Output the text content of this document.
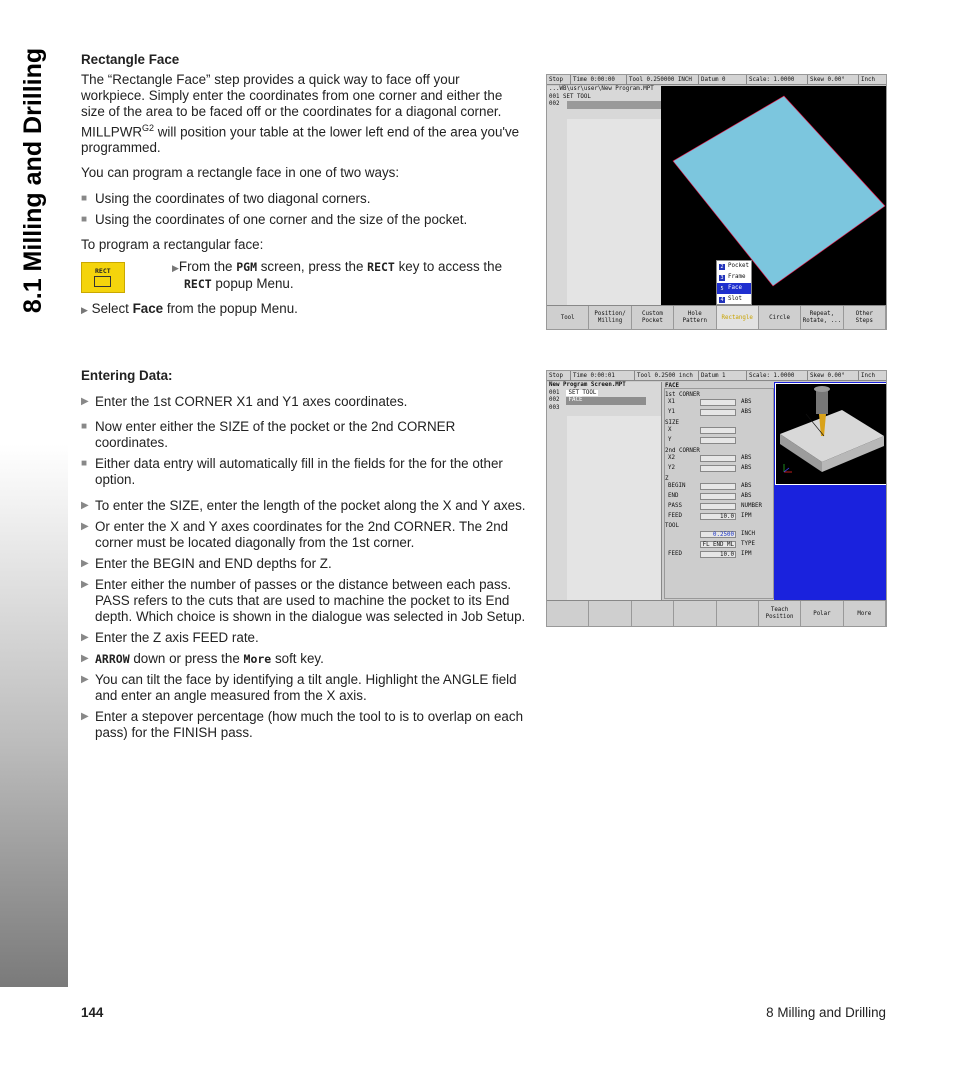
8.1 Milling and Drilling Rectangle Face

The “Rectangle Face” step provides a quick way to face off your workpiece. Simply enter the coordinates from one corner and either the size of the area to be faced off or the coordinates for a diagonal corner. $MILLPWR^{G2}$ will position your table at the lower left end of the area you've programmed.

You can program a rectangle face in one of two ways:

■ Using the coordinates of two diagonal corners.
■ Using the coordinates of one corner and the size of the pocket.

To program a rectangular face:

RECT	▶From the PGM screen, press the RECT key to access the
RECT popup Menu.
▶ Select Face from the popup Menu.
Entering Data:
▶ Enter the 1st CORNER X1 and Y1 axes coordinates.
■ Now enter either the SIZE of the pocket or the 2nd CORNER coordinates.
■ Either data entry will automatically fill in the fields for the for the other option.
▶ To enter the SIZE, enter the length of the pocket along the X and Y axes.
▶ Or enter the X and Y axes coordinates for the 2nd CORNER. The 2nd corner must be located diagonally from the 1st corner.
▶ Enter the BEGIN and END depths for Z.
▶ Enter either the number of passes or the distance between each pass. PASS refers to the cuts that are used to machine the pocket to its End depth. Which choice is shown in the dialogue was selected in Job Setup.
▶ Enter the Z axis FEED rate.
▶ ARROW down or press the More soft key.
▶ You can tilt the face by identifying a tilt angle. Highlight the ANGLE field and enter an angle measured from the X axis.
▶ Enter a stepover percentage (how much the tool to is to overlap on each pass) for the FINISH pass.
Stop	Time 0:00:00	Tool 0.250000 INCH	Datum 0	Scale: 1.0000	Skew 0.00°	Inch
...WB\usr\user\New Program.MPT
001 SET TOOL
002
2 Pocket
3 Frame
5 Face
4 Slot
Tool
Position/
Milling
Custom
Pocket
Hole
Pattern
Rectangle	Circle
Repeat,
Rotate, ...
Other
Steps
Stop	Time 0:00:01	Tool 0.2500 inch	Datum 1	Scale: 1.0000	Skew 0.00°	Inch
New Program Screen.MPT
001 SET TOOL
002 FACE
003
FACE
1st CORNER
X1	ABS
Y1	ABS
SIZE
X
Y
2nd CORNER
X2	ABS
Y2	ABS
Z
BEGIN	ABS
END	ABS
PASS	NUMBER
FEED	10.0	IPM
TOOL
0.2500	INCH
FL END ML	TYPE
FEED	10.0	IPM
Teach
Position
Polar	More
144	8 Milling and Drilling
